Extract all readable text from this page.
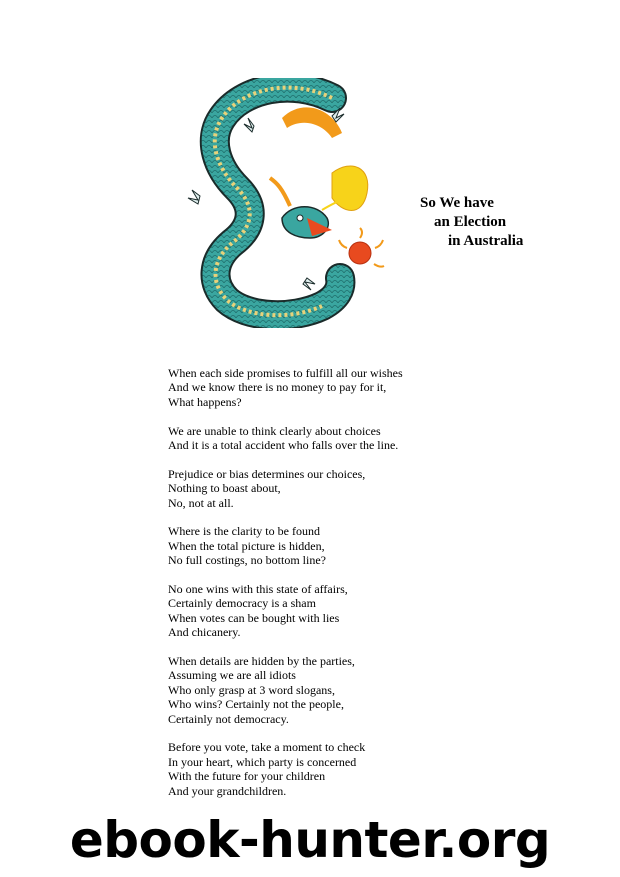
So We have
an Election
in Australia
When each side promises to fulfill all our wishes
And we know there is no money to pay for it,
What happens?
We are unable to think clearly about choices
And it is a total accident who falls over the line.
Prejudice or bias determines our choices,
Nothing to boast about,
No, not at all.
Where is the clarity to be found
When the total picture is hidden,
No full costings, no bottom line?
No one wins with this state of affairs,
Certainly democracy is a sham
When votes can be bought with lies
And chicanery.
When details are hidden by the parties,
Assuming we are all idiots
Who only grasp at 3 word slogans,
Who wins? Certainly not the people,
Certainly not democracy.
Before you vote, take a moment to check
In your heart, which party is concerned
With the future for your children
And your grandchildren.
ebook-hunter.org
